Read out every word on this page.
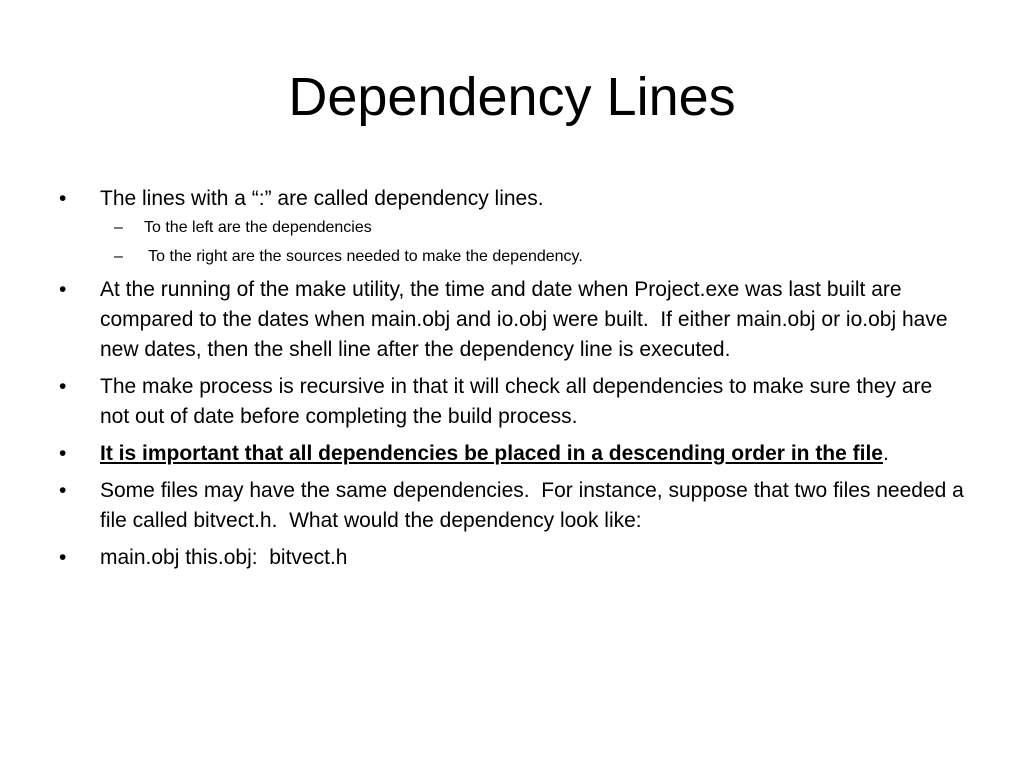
Dependency Lines
• The lines with a “:” are called dependency lines.
– To the left are the dependencies
– To the right are the sources needed to make the dependency.
• At the running of the make utility, the time and date when Project.exe was last built are compared to the dates when main.obj and io.obj were built.  If either main.obj or io.obj have new dates, then the shell line after the dependency line is executed.
• The make process is recursive in that it will check all dependencies to make sure they are not out of date before completing the build process.
• It is important that all dependencies be placed in a descending order in the file.
• Some files may have the same dependencies.  For instance, suppose that two files needed a file called bitvect.h.  What would the dependency look like:
• main.obj this.obj:  bitvect.h
